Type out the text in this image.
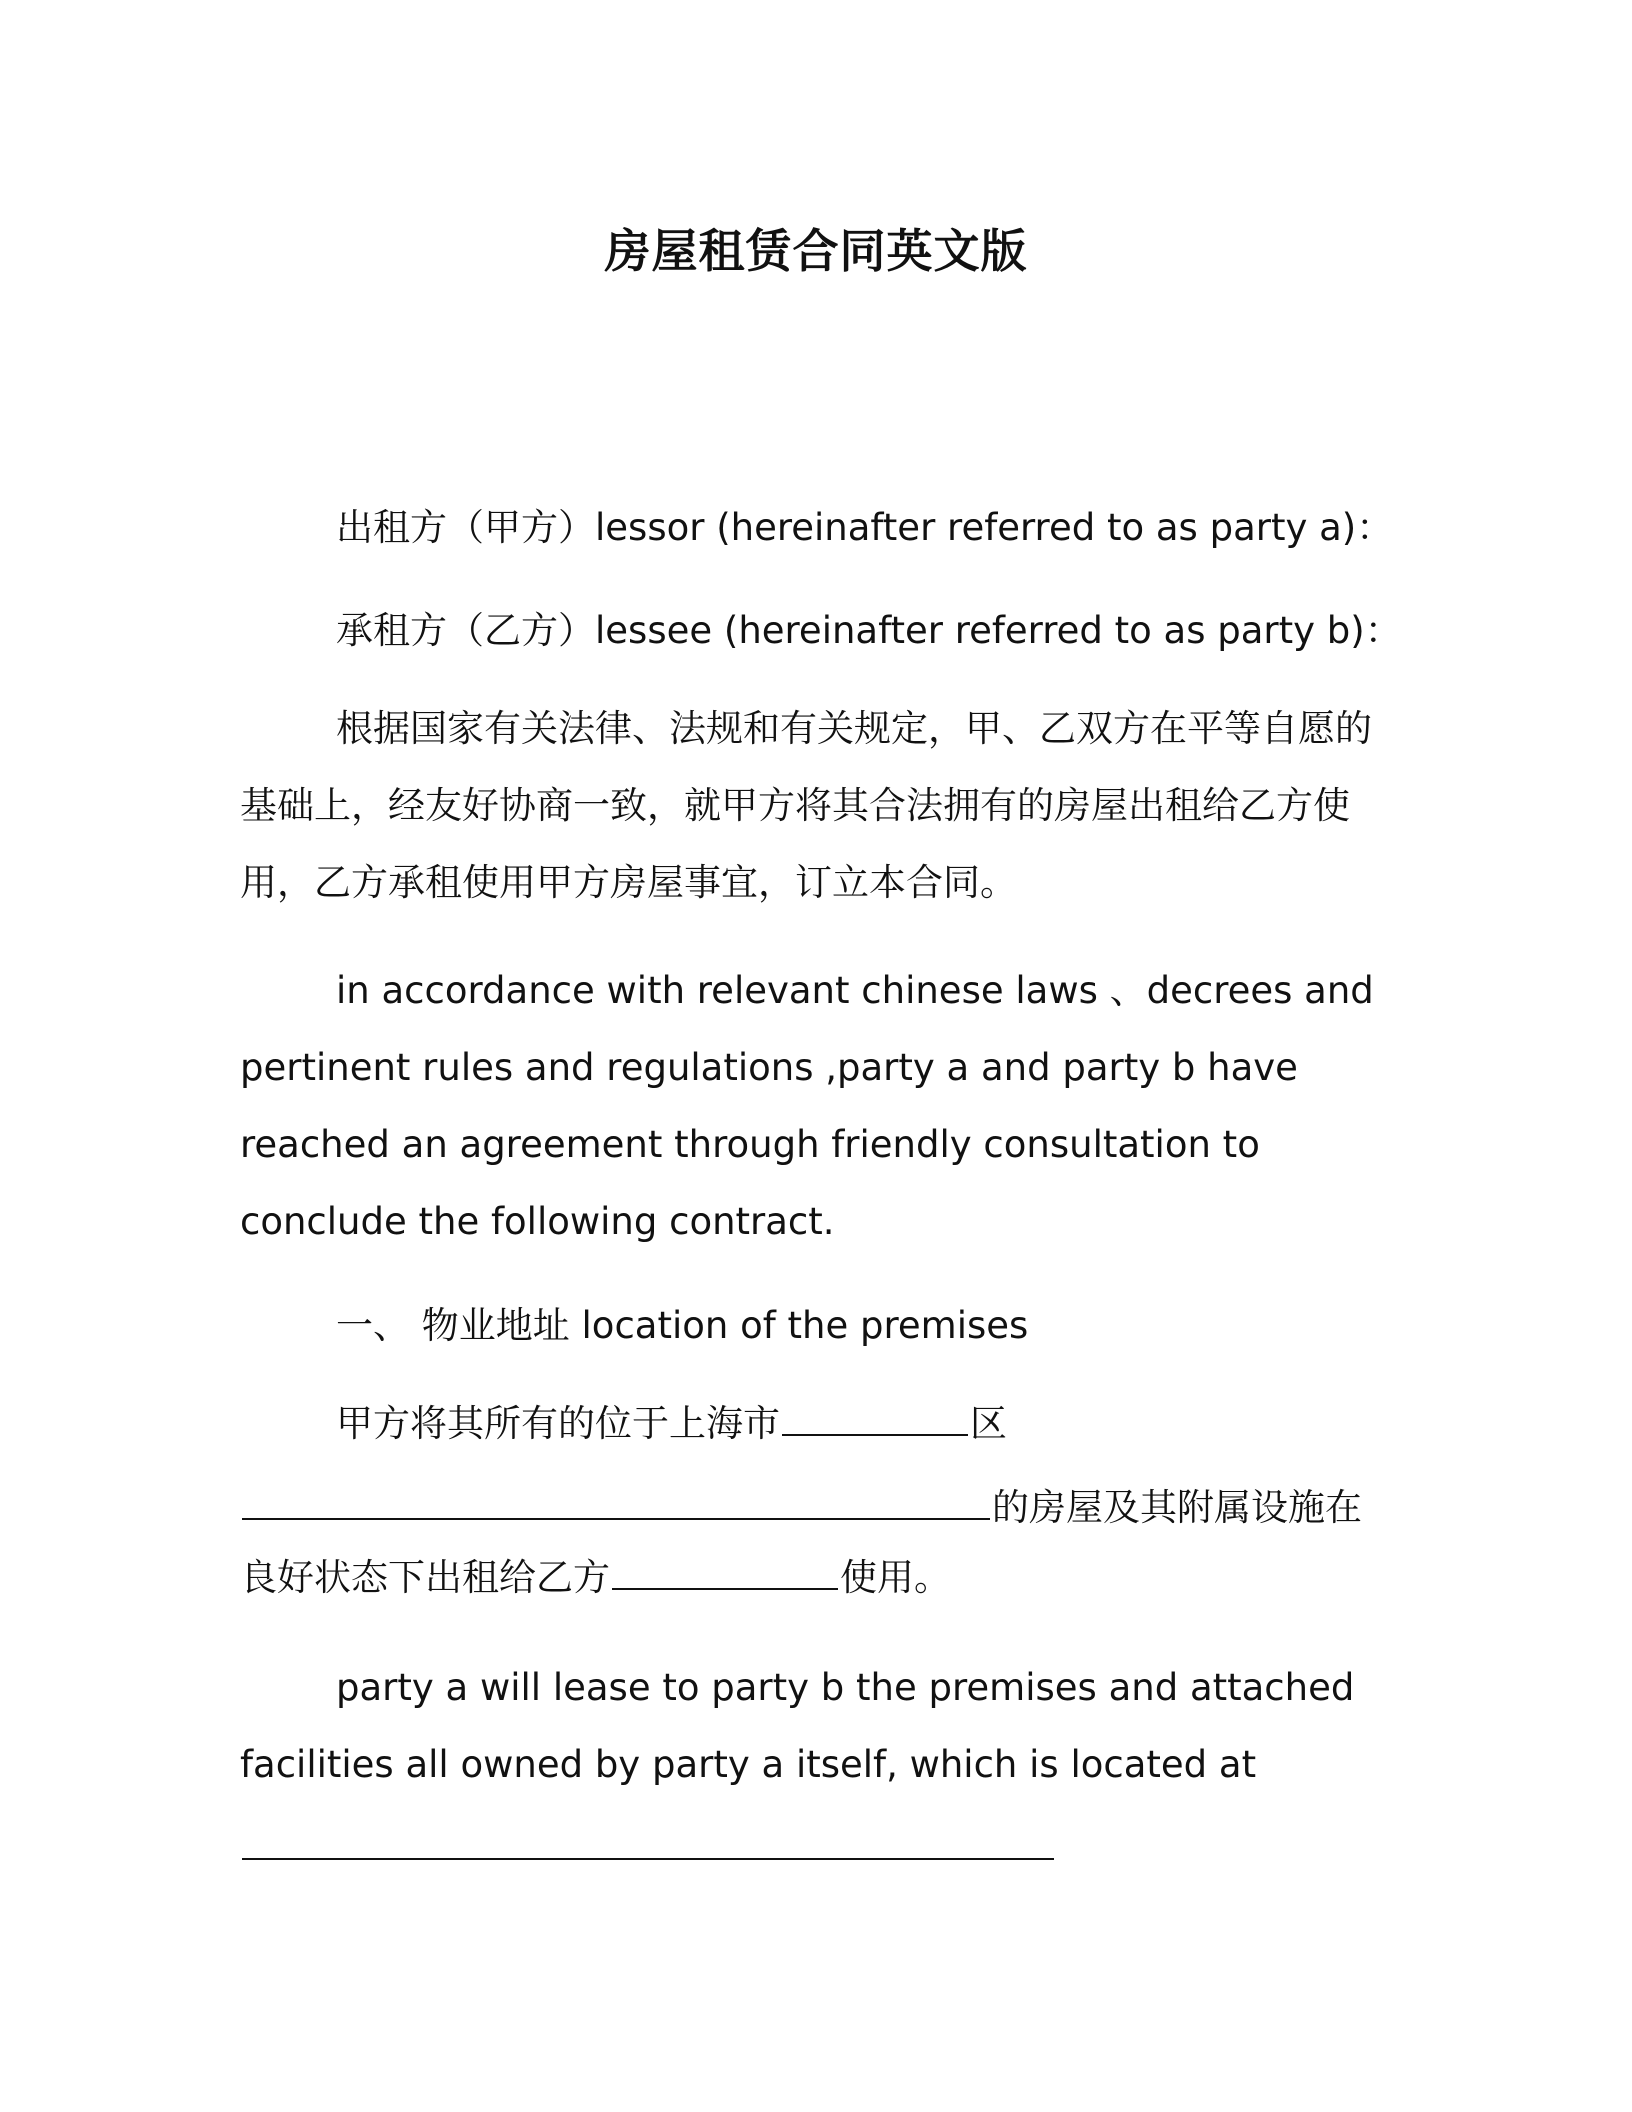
房屋租赁合同英文版
出租方（甲方）lessor (hereinafter referred to as party a)：
承租方（乙方）lessee (hereinafter referred to as party b)：
根据国家有关法律、法规和有关规定，甲、乙双方在平等自愿的
基础上，经友好协商一致，就甲方将其合法拥有的房屋出租给乙方使
用，乙方承租使用甲方房屋事宜，订立本合同。
in accordance with relevant chinese laws 、decrees and
pertinent rules and regulations ,party a and party b have
reached an agreement through friendly consultation to
conclude the following contract.
一、 物业地址 location of the premises
甲方将其所有的位于上海市	区
的房屋及其附属设施在
良好状态下出租给乙方	使用。
party a will lease to party b the premises and attached
facilities all owned by party a itself, which is located at
